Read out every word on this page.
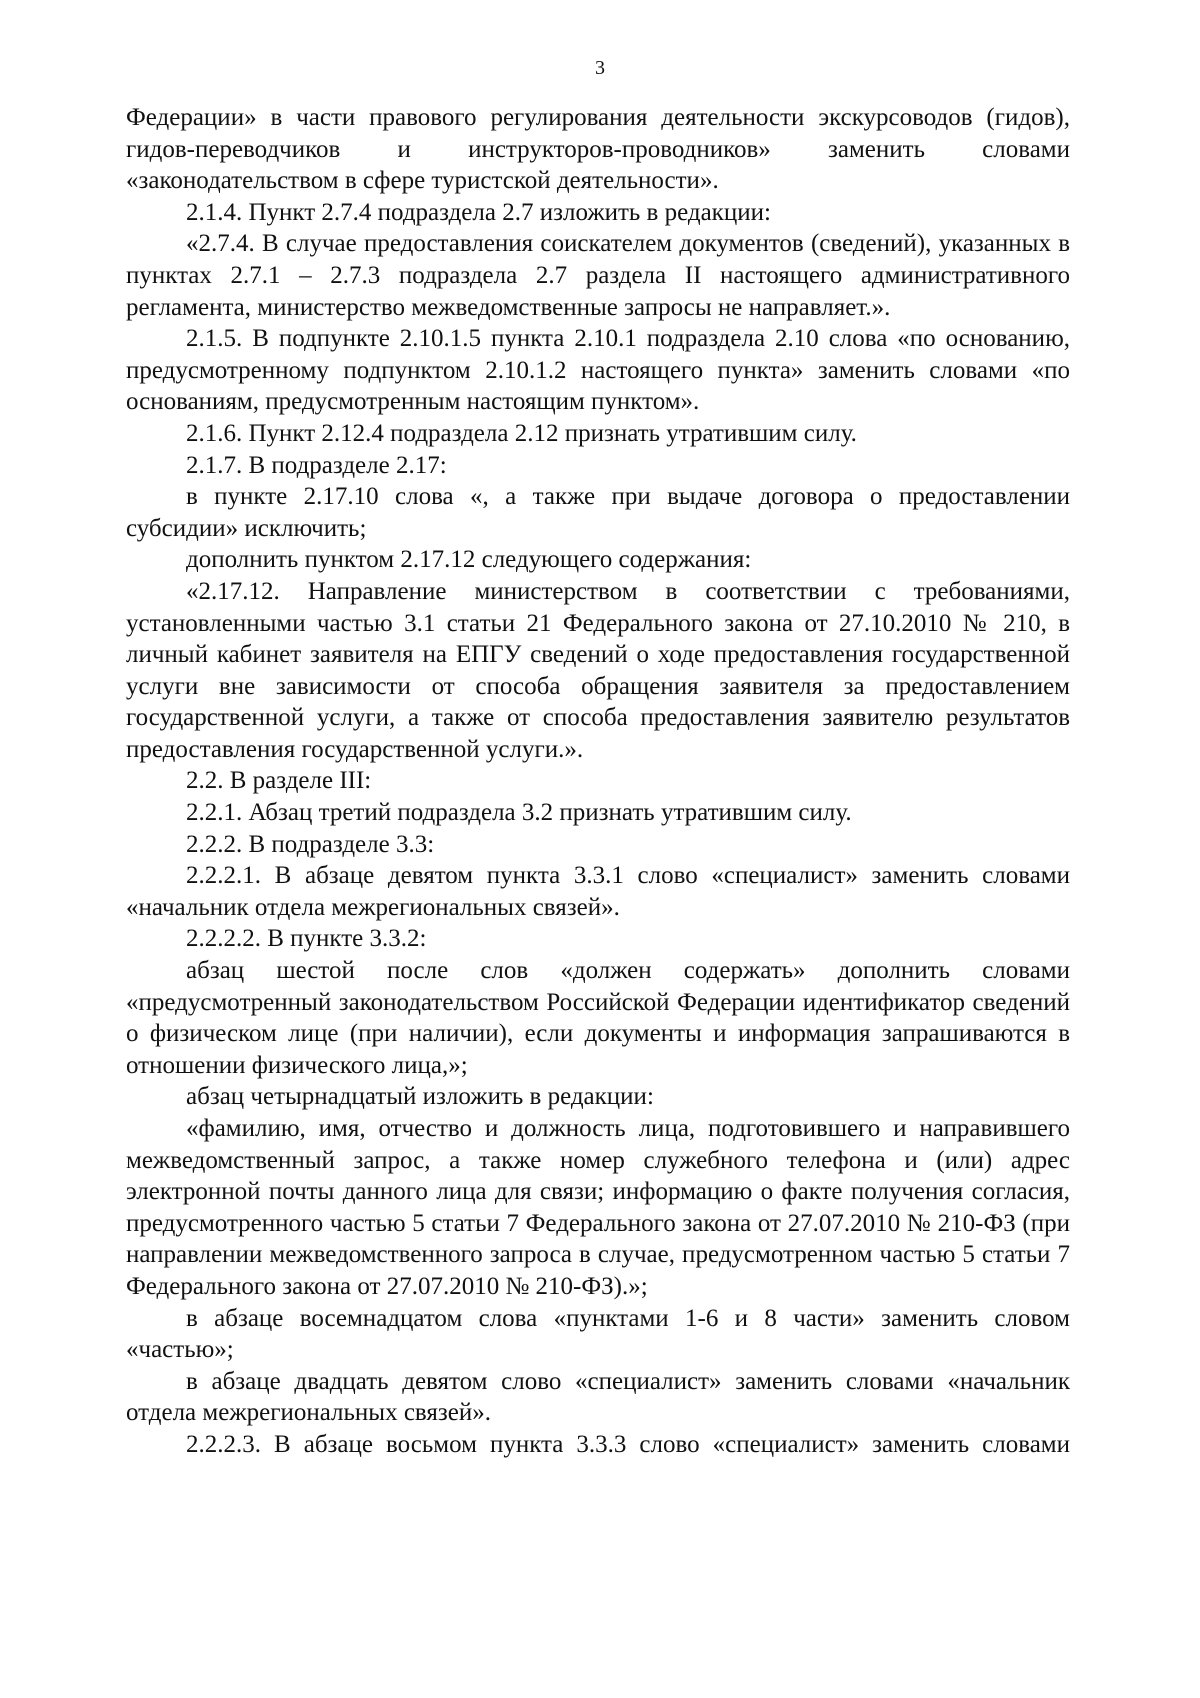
3

Федерации» в части правового регулирования деятельности экскурсоводов (гидов), гидов-переводчиков и инструкторов-проводников» заменить словами «законодательством в сфере туристской деятельности».

2.1.4. Пункт 2.7.4 подраздела 2.7 изложить в редакции:

«2.7.4. В случае предоставления соискателем документов (сведений), указанных в пунктах 2.7.1 – 2.7.3 подраздела 2.7 раздела II настоящего административного регламента, министерство межведомственные запросы не направляет.».

2.1.5. В подпункте 2.10.1.5 пункта 2.10.1 подраздела 2.10 слова «по основанию, предусмотренному подпунктом 2.10.1.2 настоящего пункта» заменить словами «по основаниям, предусмотренным настоящим пунктом».

2.1.6. Пункт 2.12.4 подраздела 2.12 признать утратившим силу.

2.1.7. В подразделе 2.17:

в пункте 2.17.10 слова «, а также при выдаче договора о предоставлении субсидии» исключить;

дополнить пунктом 2.17.12 следующего содержания:

«2.17.12. Направление министерством в соответствии с требованиями, установленными частью 3.1 статьи 21 Федерального закона от 27.10.2010 № 210, в личный кабинет заявителя на ЕПГУ сведений о ходе предоставления государственной услуги вне зависимости от способа обращения заявителя за предоставлением государственной услуги, а также от способа предоставления заявителю результатов предоставления государственной услуги.».

2.2. В разделе III:

2.2.1. Абзац третий подраздела 3.2 признать утратившим силу.

2.2.2. В подразделе 3.3:

2.2.2.1. В абзаце девятом пункта 3.3.1 слово «специалист» заменить словами «начальник отдела межрегиональных связей».

2.2.2.2. В пункте 3.3.2:

абзац шестой после слов «должен содержать» дополнить словами «предусмотренный законодательством Российской Федерации идентификатор сведений о физическом лице (при наличии), если документы и информация запрашиваются в отношении физического лица,»;

абзац четырнадцатый изложить в редакции:

«фамилию, имя, отчество и должность лица, подготовившего и направившего межведомственный запрос, а также номер служебного телефона и (или) адрес электронной почты данного лица для связи; информацию о факте получения согласия, предусмотренного частью 5 статьи 7 Федерального закона от 27.07.2010 № 210-ФЗ (при направлении межведомственного запроса в случае, предусмотренном частью 5 статьи 7 Федерального закона от 27.07.2010 № 210-ФЗ).»;

в абзаце восемнадцатом слова «пунктами 1-6 и 8 части» заменить словом «частью»;

в абзаце двадцать девятом слово «специалист» заменить словами «начальник отдела межрегиональных связей».

2.2.2.3. В абзаце восьмом пункта 3.3.3 слово «специалист» заменить словами
